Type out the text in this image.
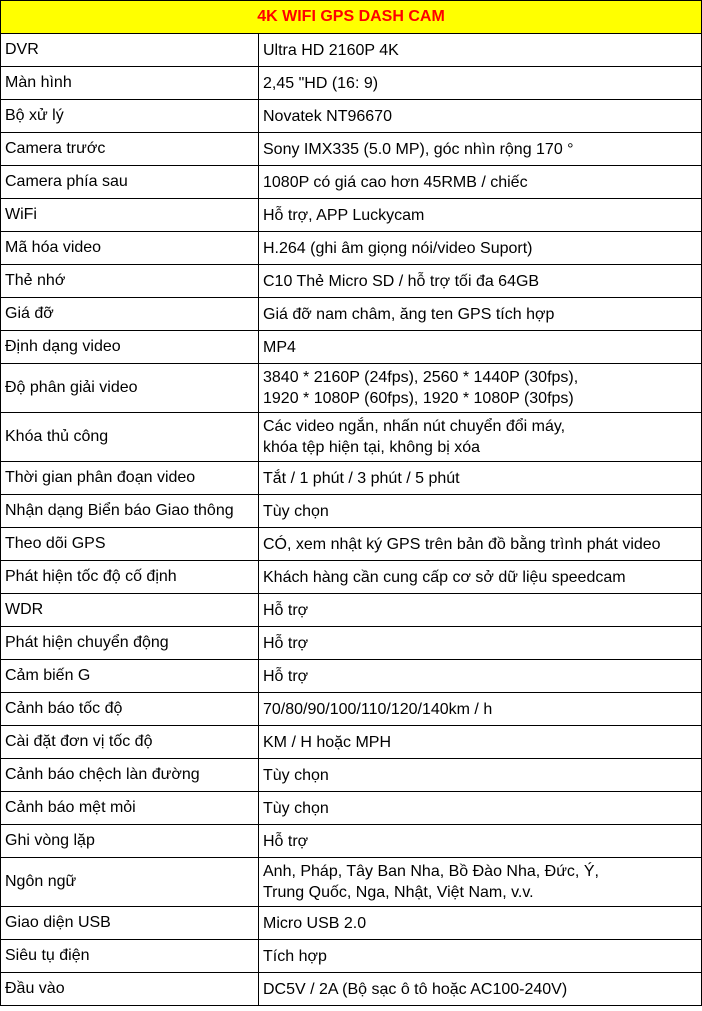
4K WIFI GPS DASH CAM	
DVR	Ultra HD 2160P 4K

Màn hình	2,45 "HD (16: 9)

Bộ xử lý	Novatek NT96670

Camera trước	Sony IMX335 (5.0 MP), góc nhìn rộng 170 °

Camera phía sau	1080P có giá cao hơn 45RMB / chiếc

WiFi	Hỗ trợ, APP Luckycam

Mã hóa video	H.264 (ghi âm giọng nói/video Suport)

Thẻ nhớ	C10 Thẻ Micro SD / hỗ trợ tối đa 64GB

Giá đỡ	Giá đỡ nam châm, ăng ten GPS tích hợp

Định dạng video	MP4

Độ phân giải video	3840 * 2160P (24fps), 2560 * 1440P (30fps),
1920 * 1080P (60fps), 1920 * 1080P (30fps)

Khóa thủ công	Các video ngắn, nhấn nút chuyển đổi máy,
khóa tệp hiện tại, không bị xóa

Thời gian phân đoạn video	Tắt / 1 phút / 3 phút / 5 phút

Nhận dạng Biển báo Giao thông	Tùy chọn

Theo dõi GPS	CÓ, xem nhật ký GPS trên bản đồ bằng trình phát video

Phát hiện tốc độ cố định	Khách hàng cần cung cấp cơ sở dữ liệu speedcam

WDR	Hỗ trợ

Phát hiện chuyển động	Hỗ trợ

Cảm biến G	Hỗ trợ

Cảnh báo tốc độ	70/80/90/100/110/120/140km / h

Cài đặt đơn vị tốc độ	KM / H hoặc MPH

Cảnh báo chệch làn đường	Tùy chọn

Cảnh báo mệt mỏi	Tùy chọn

Ghi vòng lặp	Hỗ trợ

Ngôn ngữ	Anh, Pháp, Tây Ban Nha, Bồ Đào Nha, Đức, Ý,
Trung Quốc, Nga, Nhật, Việt Nam, v.v.

Giao diện USB	Micro USB 2.0

Siêu tụ điện	Tích hợp

Đầu vào	DC5V / 2A (Bộ sạc ô tô hoặc AC100-240V)
